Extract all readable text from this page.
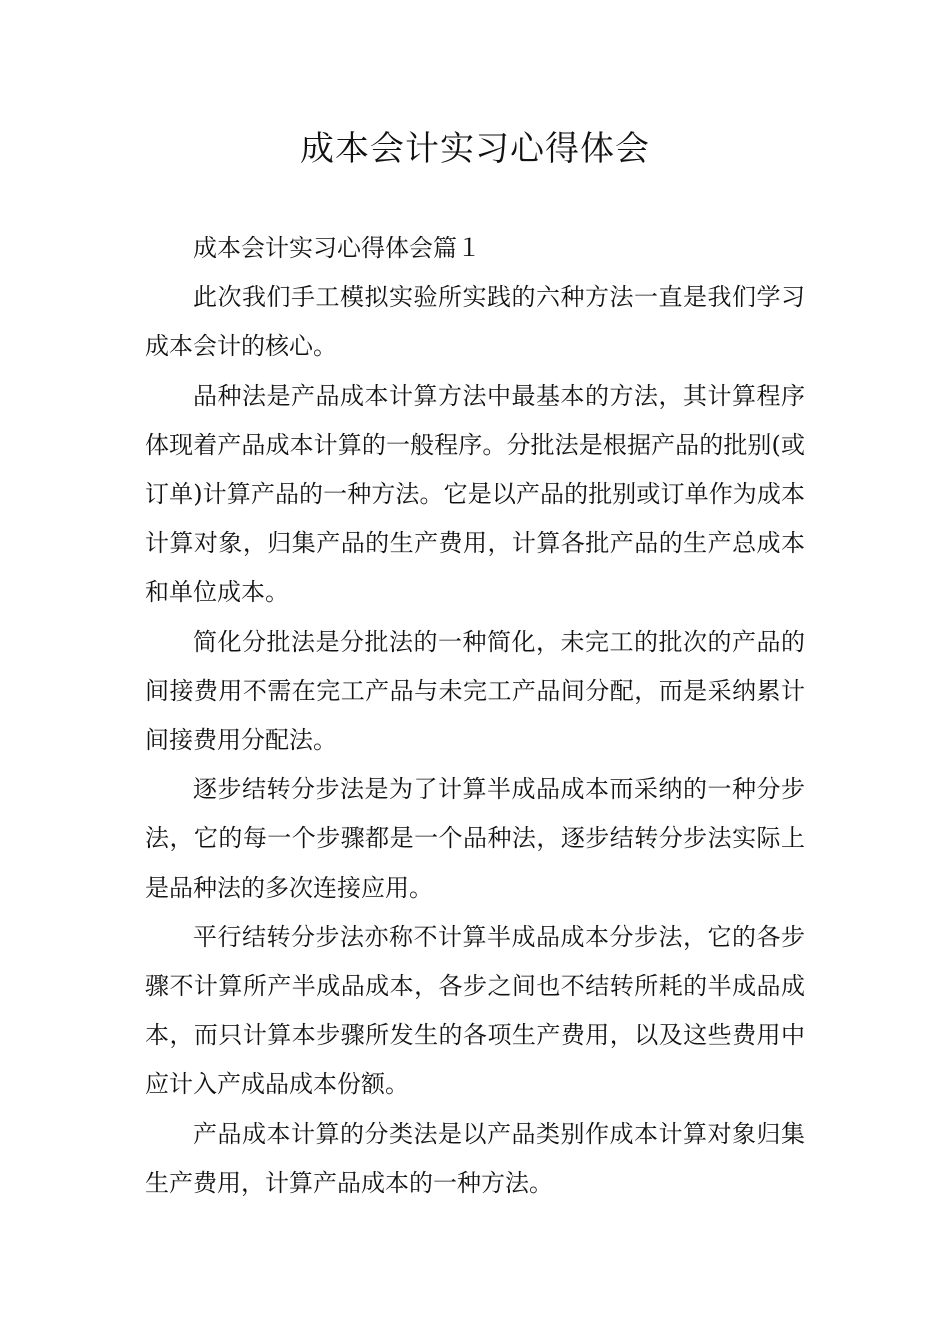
成本会计实习心得体会

成本会计实习心得体会篇１

此次我们手工模拟实验所实践的六种方法一直是我们学习成本会计的核心。

品种法是产品成本计算方法中最基本的方法，其计算程序体现着产品成本计算的一般程序。分批法是根据产品的批别(或订单)计算产品的一种方法。它是以产品的批别或订单作为成本计算对象，归集产品的生产费用，计算各批产品的生产总成本和单位成本。

简化分批法是分批法的一种简化，未完工的批次的产品的间接费用不需在完工产品与未完工产品间分配，而是采纳累计间接费用分配法。

逐步结转分步法是为了计算半成品成本而采纳的一种分步法，它的每一个步骤都是一个品种法，逐步结转分步法实际上是品种法的多次连接应用。

平行结转分步法亦称不计算半成品成本分步法，它的各步骤不计算所产半成品成本，各步之间也不结转所耗的半成品成本，而只计算本步骤所发生的各项生产费用，以及这些费用中应计入产成品成本份额。

产品成本计算的分类法是以产品类别作成本计算对象归集生产费用，计算产品成本的一种方法。
